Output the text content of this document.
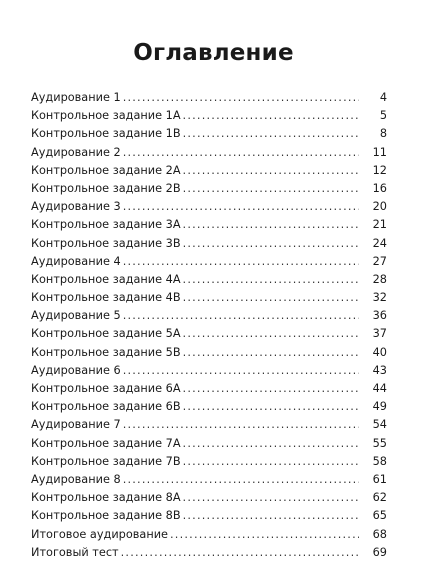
Оглавление
Аудирование 1 .....	4
Контрольное задание 1A .....	5
Контрольное задание 1B .....	8
Аудирование 2 .....	11
Контрольное задание 2A .....	12
Контрольное задание 2B .....	16
Аудирование 3 .....	20
Контрольное задание 3A .....	21
Контрольное задание 3B .....	24
Аудирование 4 .....	27
Контрольное задание 4A .....	28
Контрольное задание 4B .....	32
Аудирование 5 .....	36
Контрольное задание 5A .....	37
Контрольное задание 5B .....	40
Аудирование 6 .....	43
Контрольное задание 6A .....	44
Контрольное задание 6B .....	49
Аудирование 7 .....	54
Контрольное задание 7A .....	55
Контрольное задание 7B .....	58
Аудирование 8 .....	61
Контрольное задание 8A .....	62
Контрольное задание 8B .....	65
Итоговое аудирование .....	68
Итоговый тест .....	69
